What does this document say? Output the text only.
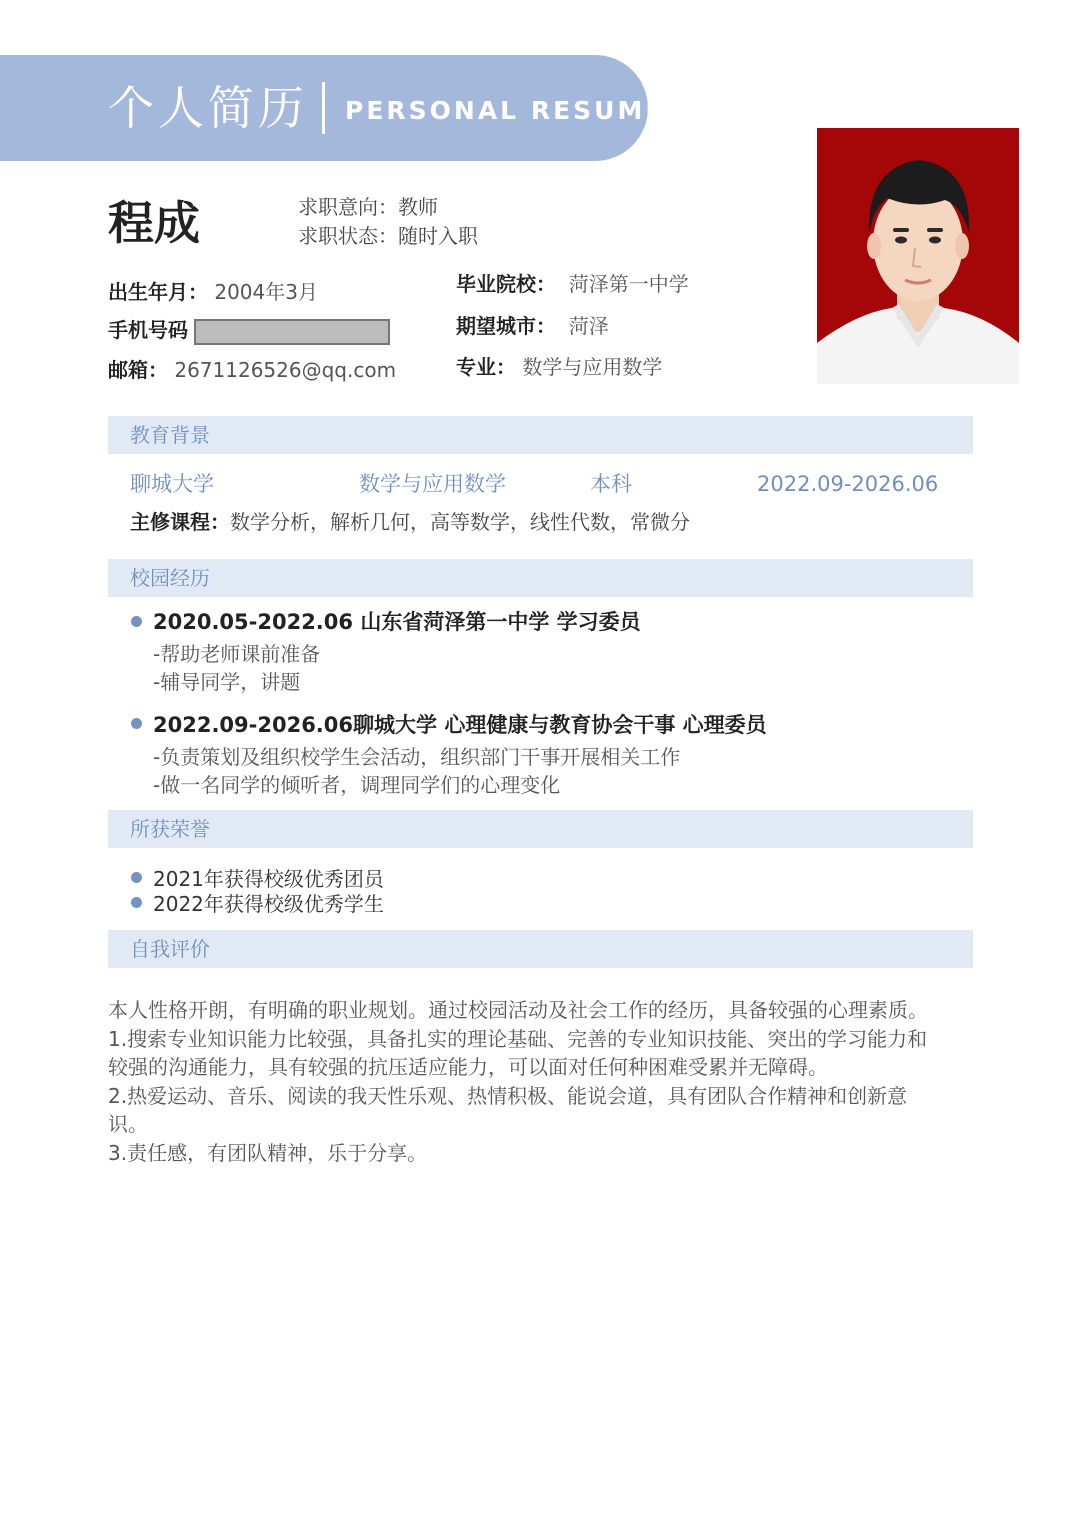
个人简历 PERSONAL RESUME
程成	求职意向：教师
求职状态：随时入职
出生年月： 2004年3月
手机号码
邮箱： 2671126526@qq.com
毕业院校： 菏泽第一中学
期望城市： 菏泽
专业： 数学与应用数学
教育背景
聊城大学	数学与应用数学	本科	2022.09-2026.06
主修课程：数学分析，解析几何，高等数学，线性代数，常微分
校园经历
2020.05-2022.06 山东省菏泽第一中学 学习委员
-帮助老师课前准备
-辅导同学，讲题
2022.09-2026.06聊城大学 心理健康与教育协会干事 心理委员
-负责策划及组织校学生会活动，组织部门干事开展相关工作
-做一名同学的倾听者，调理同学们的心理变化
所获荣誉
2021年获得校级优秀团员
2022年获得校级优秀学生
自我评价

本人性格开朗，有明确的职业规划。通过校园活动及社会工作的经历，具备较强的心理素质。

1.搜索专业知识能力比较强，具备扎实的理论基础、完善的专业知识技能、突出的学习能力和较强的沟通能力，具有较强的抗压适应能力，可以面对任何种困难受累并无障碍。

2.热爱运动、音乐、阅读的我天性乐观、热情积极、能说会道，具有团队合作精神和创新意识。

3.责任感，有团队精神，乐于分享。
